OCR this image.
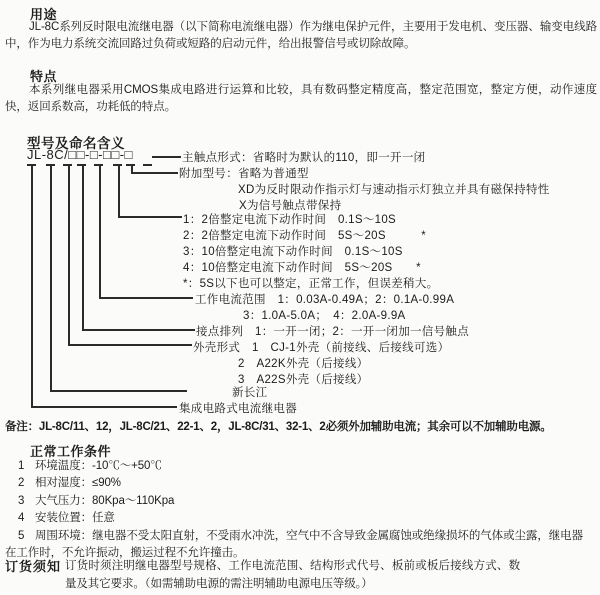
用途
JL-8C系列反时限电流继电器（以下简称电流继电器）作为继电保护元件，主要用于发电机、变压器、输变电线路中，作为电力系统交流回路过负荷或短路的启动元件，给出报警信号或切除故障。
特点
本系列继电器采用CMOS集成电路进行运算和比较，具有数码整定精度高，整定范围宽，整定方便，动作速度快，返回系数高，功耗低的特点。
型号及命名含义
JL-8C/□□-□-□□-□	主触点形式：省略时为默认的110，即一开一闭
附加型号：省略为普通型
XD为反时限动作指示灯与速动指示灯独立并具有磁保持特性
X为信号触点带保持
1：2倍整定电流下动作时间　0.1S～10S
2：2倍整定电流下动作时间　5S～20S　　　*
3：10倍整定电流下动作时间　0.1S～10S
4：10倍整定电流下动作时间　5S～20S　　*
*：5S以下也可以整定，正常工作，但误差稍大。
工作电流范围　1：0.03A-0.49A；2：0.1A-0.99A
3：1.0A-5.0A；　4：2.0A-9.9A
接点排列　1：一开一闭；2：一开一闭加一信号触点
外壳形式　1　CJ-1外壳（前接线、后接线可选）
2　A22K外壳（后接线）
3　A22S外壳（后接线）
新长江
集成电路式电流继电器
备注：JL-8C/11、12，JL-8C/21、22-1、2，JL-8C/31、32-1、2必须外加辅助电流；其余可以不加辅助电源。
正常工作条件
1 环境温度：-10℃～+50℃
2 相对湿度：≤90%
3 大气压力：80Kpa～110Kpa
4 安装位置：任意
5 周围环境：继电器不受太阳直射，不受雨水冲洗，空气中不含导致金属腐蚀或绝缘损坏的气体或尘露，继电器在工作时，不允许振动，搬运过程不允许撞击。
订货须知 订货时须注明继电器型号规格、工作电流范围、结构形式代号、板前或板后接线方式、数量及其它要求。（如需辅助电源的需注明辅助电源电压等级。）
